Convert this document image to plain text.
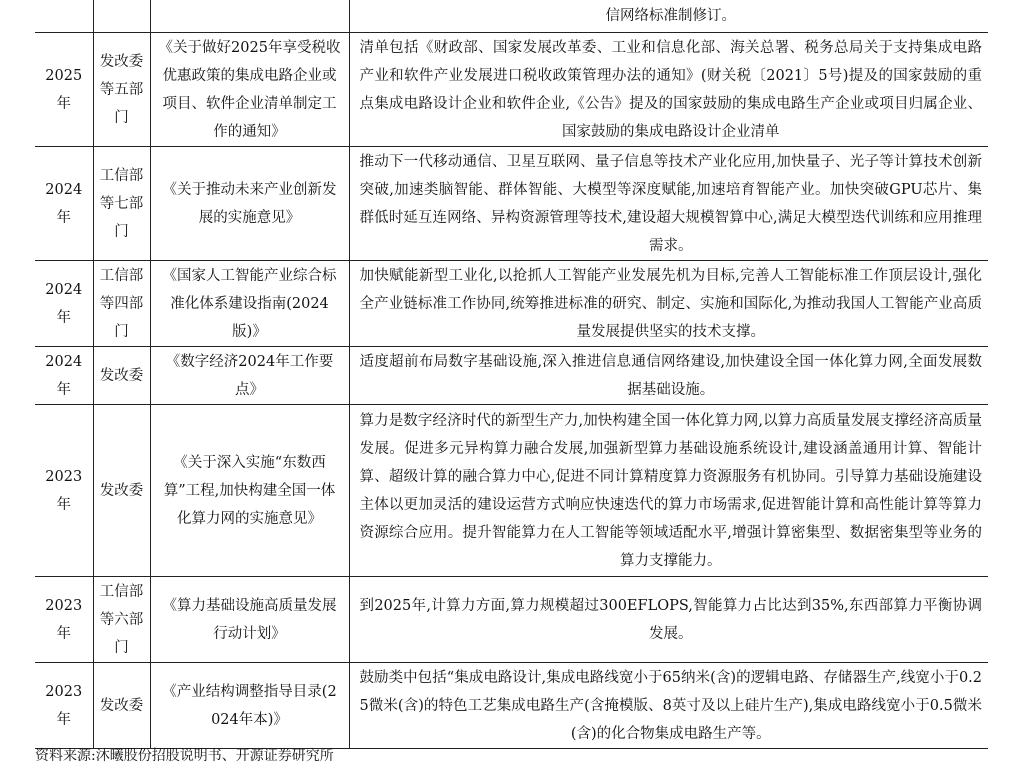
			信网络标准制修订。
2025年	发改委等五部门	《关于做好2025年享受税收优惠政策的集成电路企业或项目、软件企业清单制定工作的通知》	清单包括《财政部、国家发展改革委、工业和信息化部、海关总署、税务总局关于支持集成电路产业和软件产业发展进口税收政策管理办法的通知》(财关税〔2021〕5号)提及的国家鼓励的重点集成电路设计企业和软件企业,《公告》提及的国家鼓励的集成电路生产企业或项目归属企业、国家鼓励的集成电路设计企业清单
2024年	工信部等七部门	《关于推动未来产业创新发展的实施意见》	推动下一代移动通信、卫星互联网、量子信息等技术产业化应用,加快量子、光子等计算技术创新突破,加速类脑智能、群体智能、大模型等深度赋能,加速培育智能产业。加快突破GPU芯片、集群低时延互连网络、异构资源管理等技术,建设超大规模智算中心,满足大模型迭代训练和应用推理需求。
2024年	工信部等四部门	《国家人工智能产业综合标准化体系建设指南(2024版)》	加快赋能新型工业化,以抢抓人工智能产业发展先机为目标,完善人工智能标准工作顶层设计,强化全产业链标准工作协同,统筹推进标准的研究、制定、实施和国际化,为推动我国人工智能产业高质量发展提供坚实的技术支撑。
2024年	发改委	《数字经济2024年工作要点》	适度超前布局数字基础设施,深入推进信息通信网络建设,加快建设全国一体化算力网,全面发展数据基础设施。
2023年	发改委	《关于深入实施“东数西算”工程,加快构建全国一体化算力网的实施意见》	算力是数字经济时代的新型生产力,加快构建全国一体化算力网,以算力高质量发展支撑经济高质量发展。促进多元异构算力融合发展,加强新型算力基础设施系统设计,建设涵盖通用计算、智能计算、超级计算的融合算力中心,促进不同计算精度算力资源服务有机协同。引导算力基础设施建设主体以更加灵活的建设运营方式响应快速迭代的算力市场需求,促进智能计算和高性能计算等算力资源综合应用。提升智能算力在人工智能等领域适配水平,增强计算密集型、数据密集型等业务的算力支撑能力。
2023年	工信部等六部门	《算力基础设施高质量发展行动计划》	到2025年,计算力方面,算力规模超过300EFLOPS,智能算力占比达到35%,东西部算力平衡协调发展。
2023年	发改委	《产业结构调整指导目录(2024年本)》	鼓励类中包括“集成电路设计,集成电路线宽小于65纳米(含)的逻辑电路、存储器生产,线宽小于0.25微米(含)的特色工艺集成电路生产(含掩模版、8英寸及以上硅片生产),集成电路线宽小于0.5微米(含)的化合物集成电路生产等。
资料来源:沐曦股份招股说明书、开源证券研究所
